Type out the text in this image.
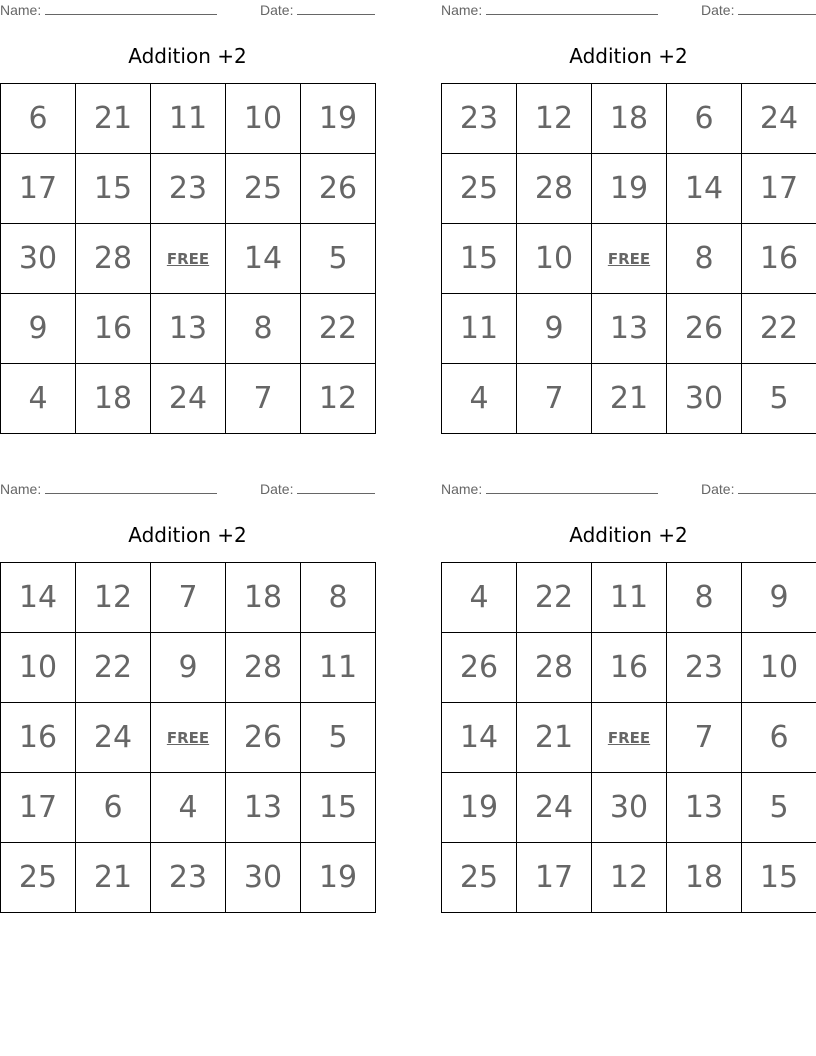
Name:	Date:
Addition +2
6	21	11	10	19
17	15	23	25	26
30	28	FREE	14	5
9	16	13	8	22
4	18	24	7	12
Name:	Date:
Addition +2
23	12	18	6	24
25	28	19	14	17
15	10	FREE	8	16
11	9	13	26	22
4	7	21	30	5
Name:	Date:
Addition +2
14	12	7	18	8
10	22	9	28	11
16	24	FREE	26	5
17	6	4	13	15
25	21	23	30	19
Name:	Date:
Addition +2
4	22	11	8	9
26	28	16	23	10
14	21	FREE	7	6
19	24	30	13	5
25	17	12	18	15
